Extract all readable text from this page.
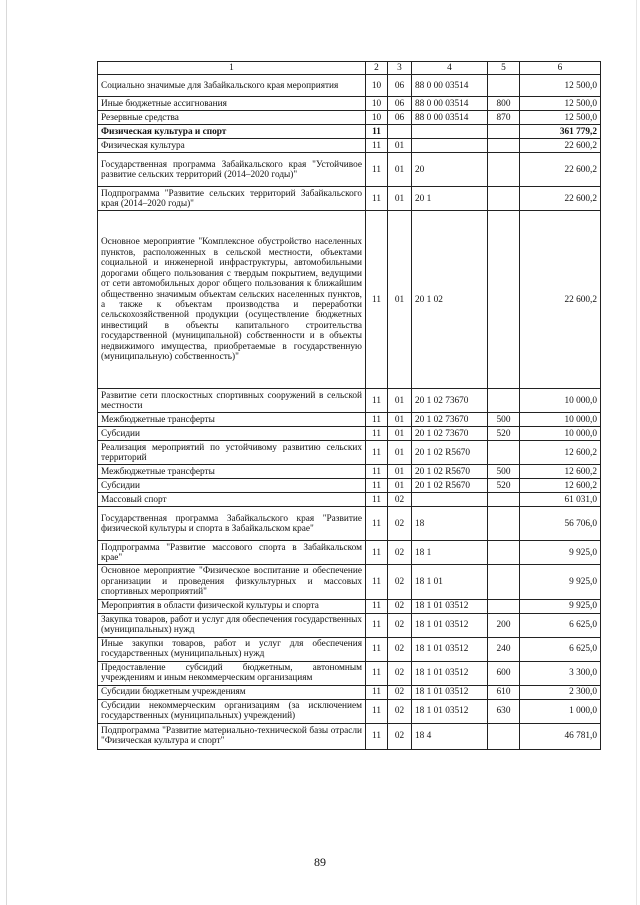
1	2	3	4	5	6
Социально значимые для Забайкальского края мероприятия	10	06	88 0 00 03514		12 500,0
Иные бюджетные ассигнования	10	06	88 0 00 03514	800	12 500,0
Резервные средства	10	06	88 0 00 03514	870	12 500,0
Физическая культура и спорт	11				361 779,2
Физическая культура	11	01			22 600,2
Государственная программа Забайкальского края "Устойчивое развитие сельских территорий (2014–2020 годы)"	11	01	20		22 600,2
Подпрограмма "Развитие сельских территорий Забайкальского края (2014–2020 годы)"	11	01	20 1		22 600,2
Основное мероприятие "Комплексное обустройство населенных пунктов, расположенных в сельской местности, объектами социальной и инженерной инфраструктуры, автомобильными дорогами общего пользования с твердым покрытием, ведущими от сети автомобильных дорог общего пользования к ближайшим общественно значимым объектам сельских населенных пунктов, а также к объектам производства и переработки сельскохозяйственной продукции (осуществление бюджетных инвестиций в объекты капитального строительства государственной (муниципальной) собственности и в объекты недвижимого имущества, приобретаемые в государственную (муниципальную) собственность)"	11	01	20 1 02		22 600,2
Развитие сети плоскостных спортивных сооружений в сельской местности	11	01	20 1 02 73670		10 000,0
Межбюджетные трансферты	11	01	20 1 02 73670	500	10 000,0
Субсидии	11	01	20 1 02 73670	520	10 000,0
Реализация мероприятий по устойчивому развитию сельских территорий	11	01	20 1 02 R5670		12 600,2
Межбюджетные трансферты	11	01	20 1 02 R5670	500	12 600,2
Субсидии	11	01	20 1 02 R5670	520	12 600,2
Массовый спорт	11	02			61 031,0
Государственная программа Забайкальского края "Развитие физической культуры и спорта в Забайкальском крае"	11	02	18		56 706,0
Подпрограмма "Развитие массового спорта в Забайкальском крае"	11	02	18 1		9 925,0
Основное мероприятие "Физическое воспитание и обеспечение организации и проведения физкультурных и массовых спортивных мероприятий"	11	02	18 1 01		9 925,0
Мероприятия в области физической культуры и спорта	11	02	18 1 01 03512		9 925,0
Закупка товаров, работ и услуг для обеспечения государственных (муниципальных) нужд	11	02	18 1 01 03512	200	6 625,0
Иные закупки товаров, работ и услуг для обеспечения государственных (муниципальных) нужд	11	02	18 1 01 03512	240	6 625,0
Предоставление субсидий бюджетным, автономным учреждениям и иным некоммерческим организациям	11	02	18 1 01 03512	600	3 300,0
Субсидии бюджетным учреждениям	11	02	18 1 01 03512	610	2 300,0
Субсидии некоммерческим организациям (за исключением государственных (муниципальных) учреждений)	11	02	18 1 01 03512	630	1 000,0
Подпрограмма "Развитие материально-технической базы отрасли "Физическая культура и спорт"	11	02	18 4		46 781,0
89
